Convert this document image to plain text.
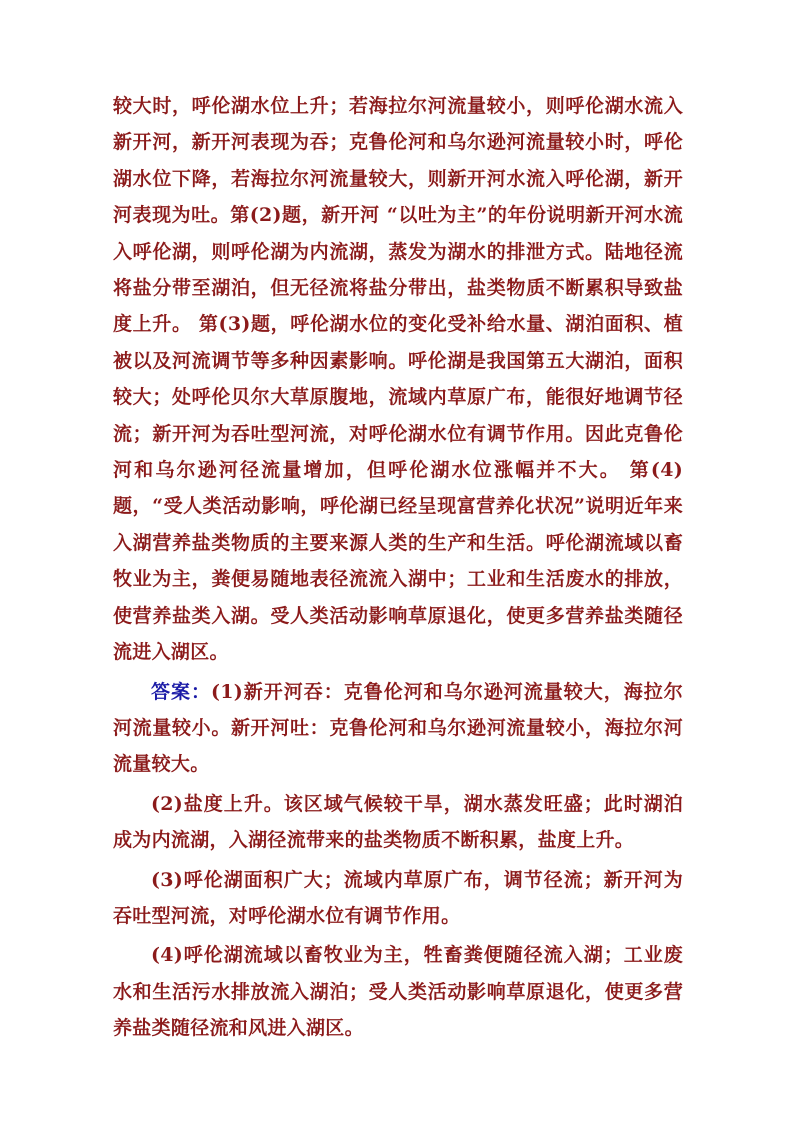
较大时，呼伦湖水位上升；若海拉尔河流量较小，则呼伦湖水流入新开河，新开河表现为吞；克鲁伦河和乌尔逊河流量较小时，呼伦湖水位下降，若海拉尔河流量较大，则新开河水流入呼伦湖，新开河表现为吐。第(2)题，新开河 “以吐为主”的年份说明新开河水流入呼伦湖，则呼伦湖为内流湖，蒸发为湖水的排泄方式。陆地径流将盐分带至湖泊，但无径流将盐分带出，盐类物质不断累积导致盐度上升。 第(3)题，呼伦湖水位的变化受补给水量、湖泊面积、植被以及河流调节等多种因素影响。呼伦湖是我国第五大湖泊，面积较大；处呼伦贝尔大草原腹地，流域内草原广布，能很好地调节径流；新开河为吞吐型河流，对呼伦湖水位有调节作用。因此克鲁伦河和乌尔逊河径流量增加，但呼伦湖水位涨幅并不大。 第(4)题，“受人类活动影响，呼伦湖已经呈现富营养化状况”说明近年来入湖营养盐类物质的主要来源人类的生产和生活。呼伦湖流域以畜牧业为主，粪便易随地表径流流入湖中；工业和生活废水的排放，使营养盐类入湖。受人类活动影响草原退化，使更多营养盐类随径流进入湖区。

答案：(1)新开河吞：克鲁伦河和乌尔逊河流量较大，海拉尔河流量较小。新开河吐：克鲁伦河和乌尔逊河流量较小，海拉尔河流量较大。

(2)盐度上升。该区域气候较干旱，湖水蒸发旺盛；此时湖泊成为内流湖，入湖径流带来的盐类物质不断积累，盐度上升。

(3)呼伦湖面积广大；流域内草原广布，调节径流；新开河为吞吐型河流，对呼伦湖水位有调节作用。

(4)呼伦湖流域以畜牧业为主，牲畜粪便随径流入湖；工业废水和生活污水排放流入湖泊；受人类活动影响草原退化，使更多营养盐类随径流和风进入湖区。
